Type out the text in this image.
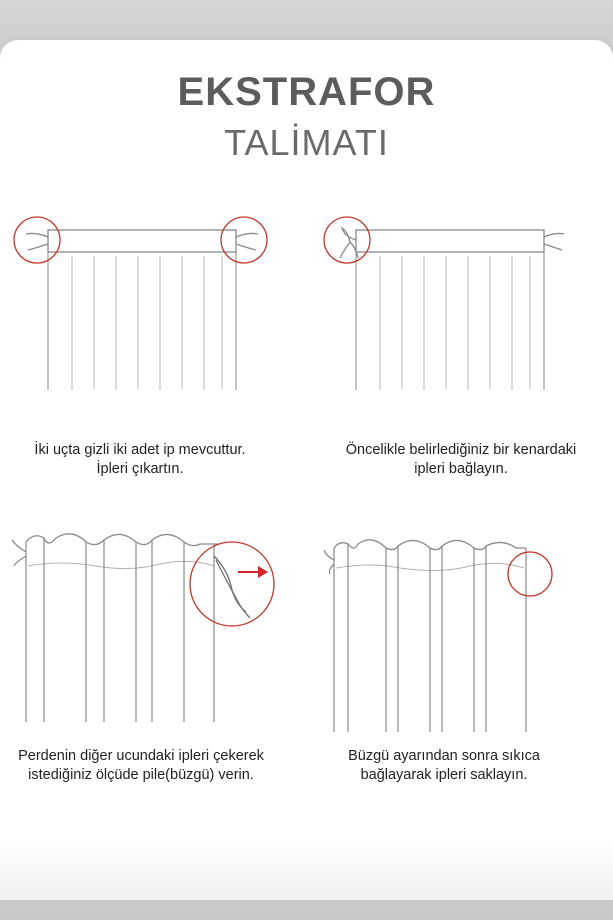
EKSTRAFOR
TALİMATI
İki uçta gizli iki adet ip mevcuttur.
İpleri çıkartın.
Öncelikle belirlediğiniz bir kenardaki
ipleri bağlayın.
Perdenin diğer ucundaki ipleri çekerek
istediğiniz ölçüde pile(büzgü) verin.
Büzgü ayarından sonra sıkıca
bağlayarak ipleri saklayın.
